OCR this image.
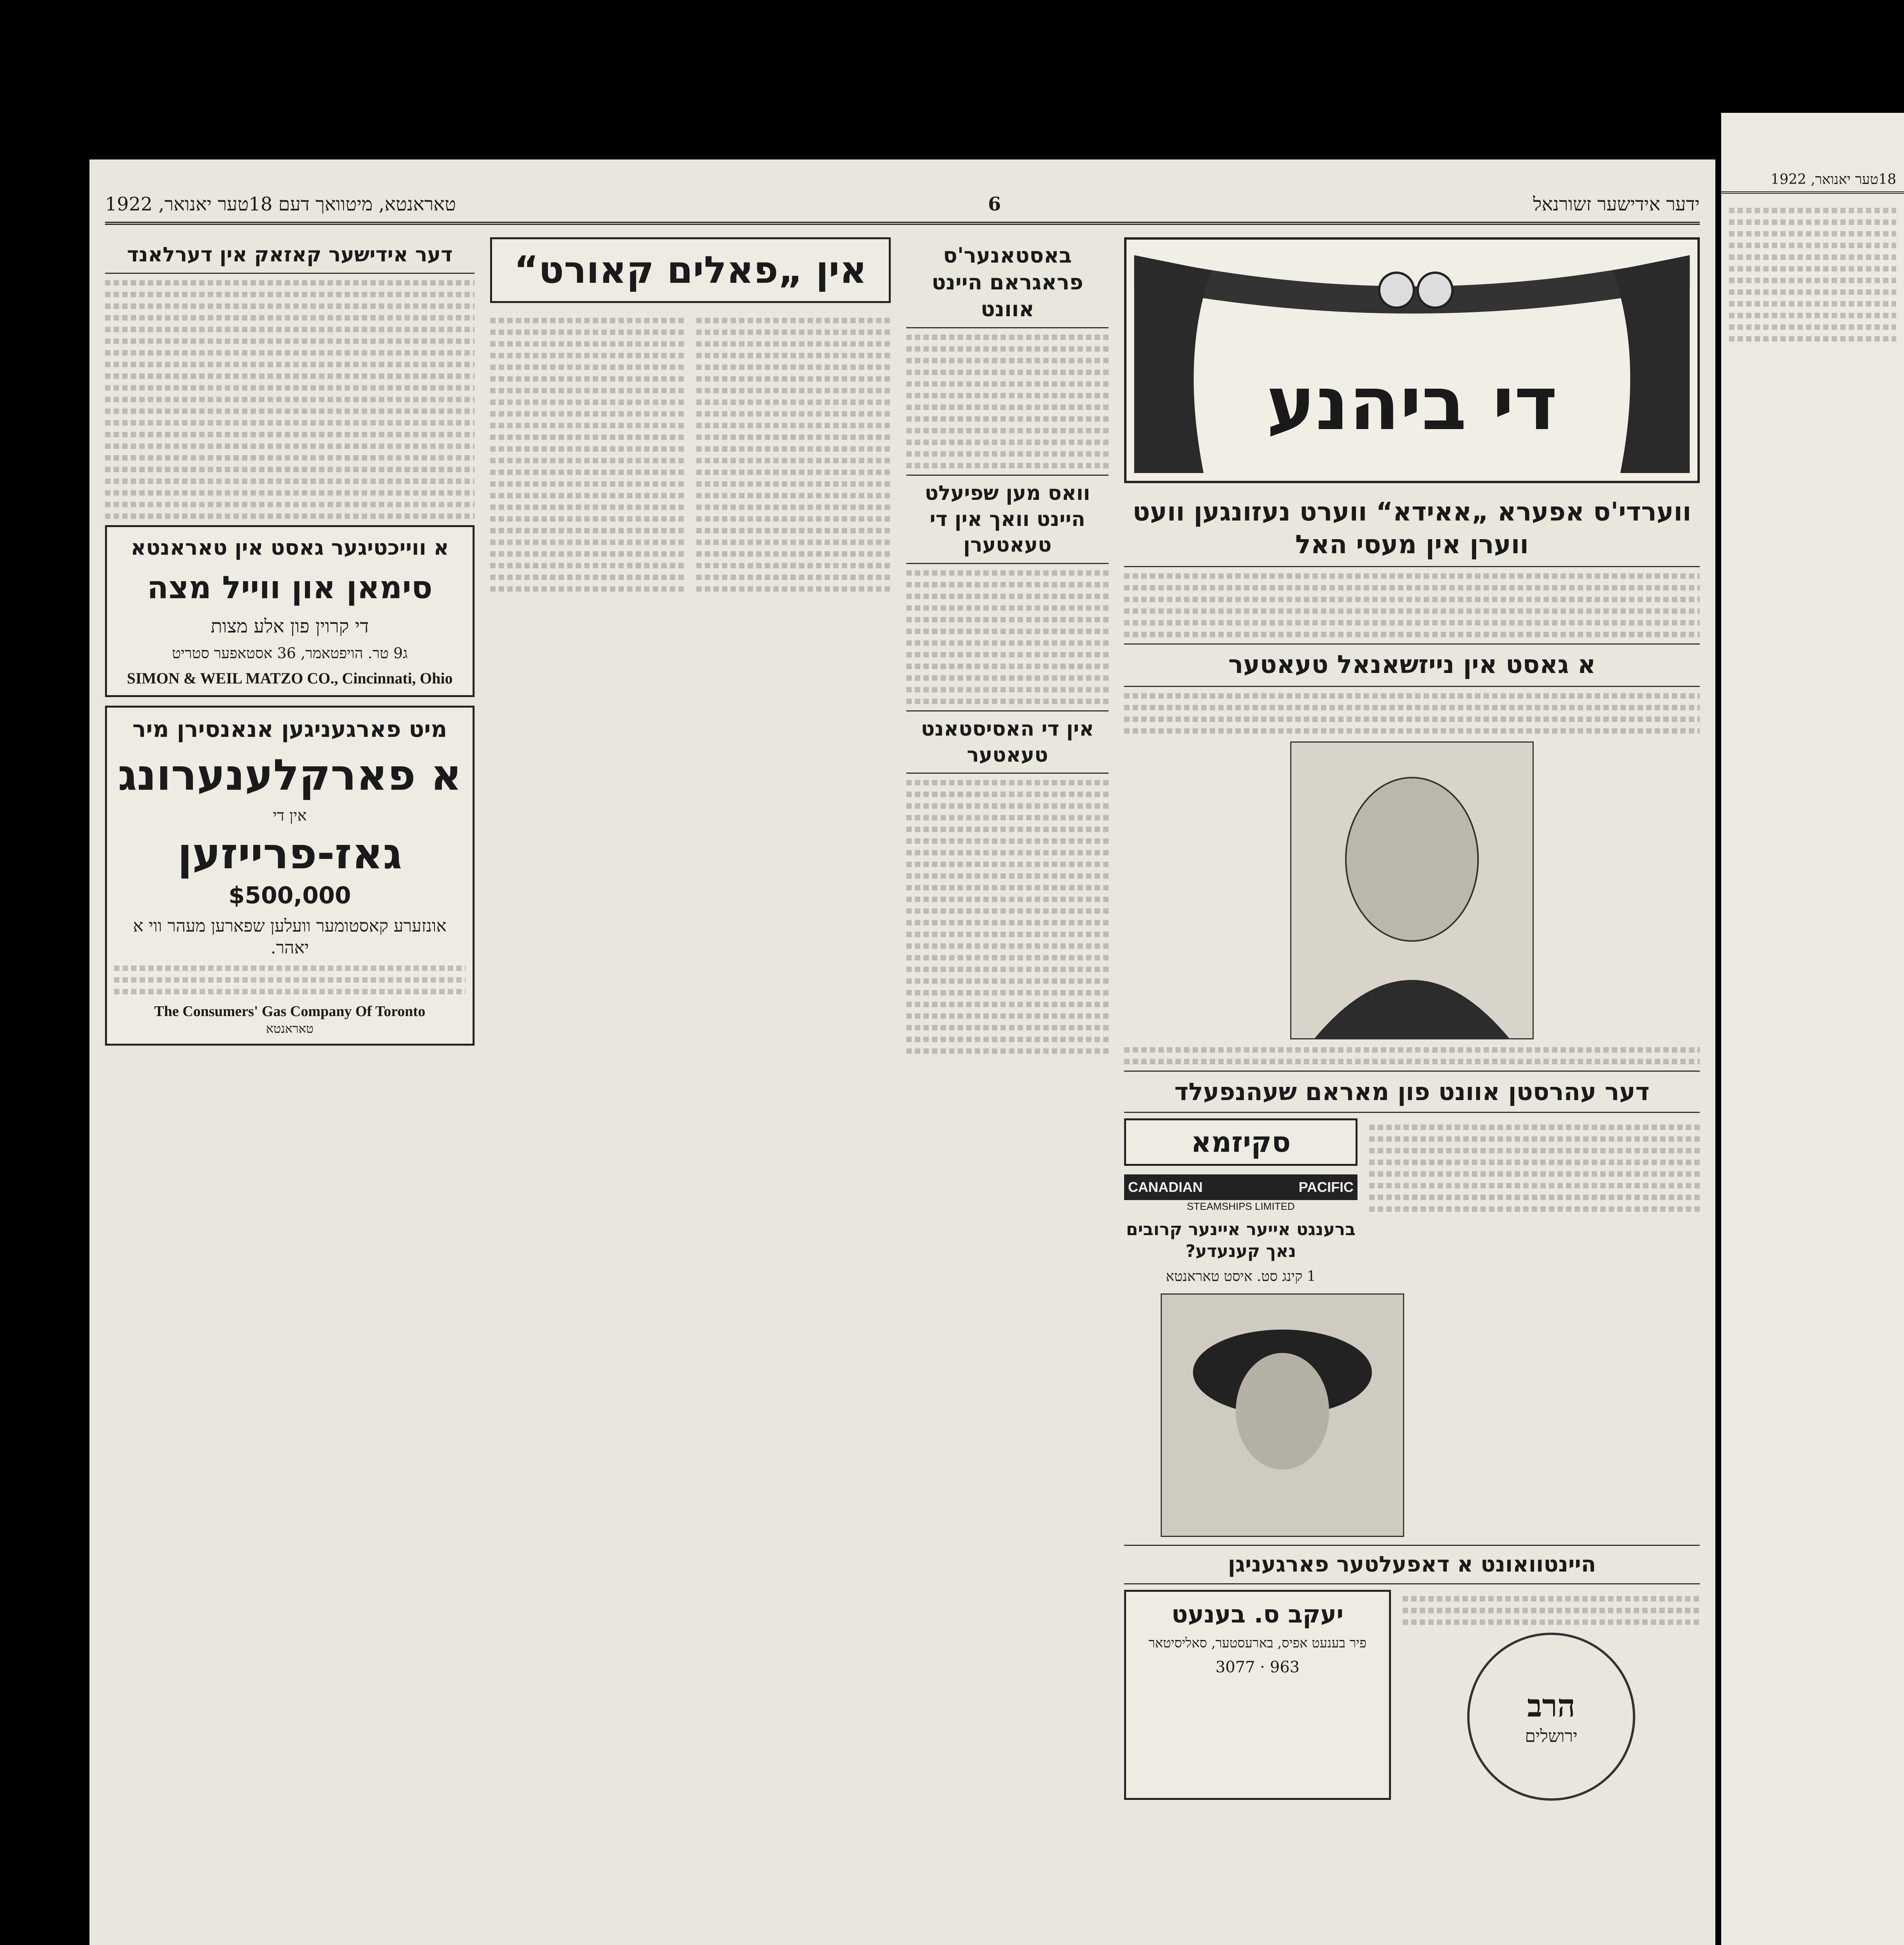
טאראנטא, מיטוואך דעם 18טער יאנואר, 1922	6	ידער אידישער זשורנאל
די ביהנע
ווערדי'ס אפערא „אאידא“ ווערט נעזונגען וועט ווערן אין מעסי האל
א גאסט אין נייזשאנאל טעאטער
דער עהרסטן אוונט פון מאראם שעהנפעלד
סקיזמא
CANADIAN	PACIFIC
STEAMSHIPS LIMITED
ברענגט אייער איינער קרובים נאך קענעדע?
1 קינג סט. איסט טאראנטא
היינטוואונט א דאפעלטער פארגעניגן
הרב
ירושלים
יעקב ס. בענעט
פיר בענעט אפיס, בארעסטער, סאליסיטאר
3077 · 963
באסטאנער'ס פראגראם היינט אוונט
וואס מען שפיעלט היינט וואך אין די טעאטערן
אין די האסיסטאנט טעאטער
אין „פאלים קאורט“
דער אידישער קאזאק אין דערלאנד
א ווייכטיגער גאסט אין טאראנטא
סימאן און ווייל מצה
די קרוין פון אלע מצות
ג9 טר. הויפטאמר, 36 אסטאפער סטריט
SIMON & WEIL MATZO CO., Cincinnati, Ohio
מיט פארגעניגען אנאנסירן מיר
א פארקלענערונג
אין די
גאז-פרייזען
$500,000
אונזערע קאסטומער וועלען שפארען מעהר ווי א יאהר.
The Consumers' Gas Company Of Toronto
טאראנטא
18טער יאנואר, 1922
